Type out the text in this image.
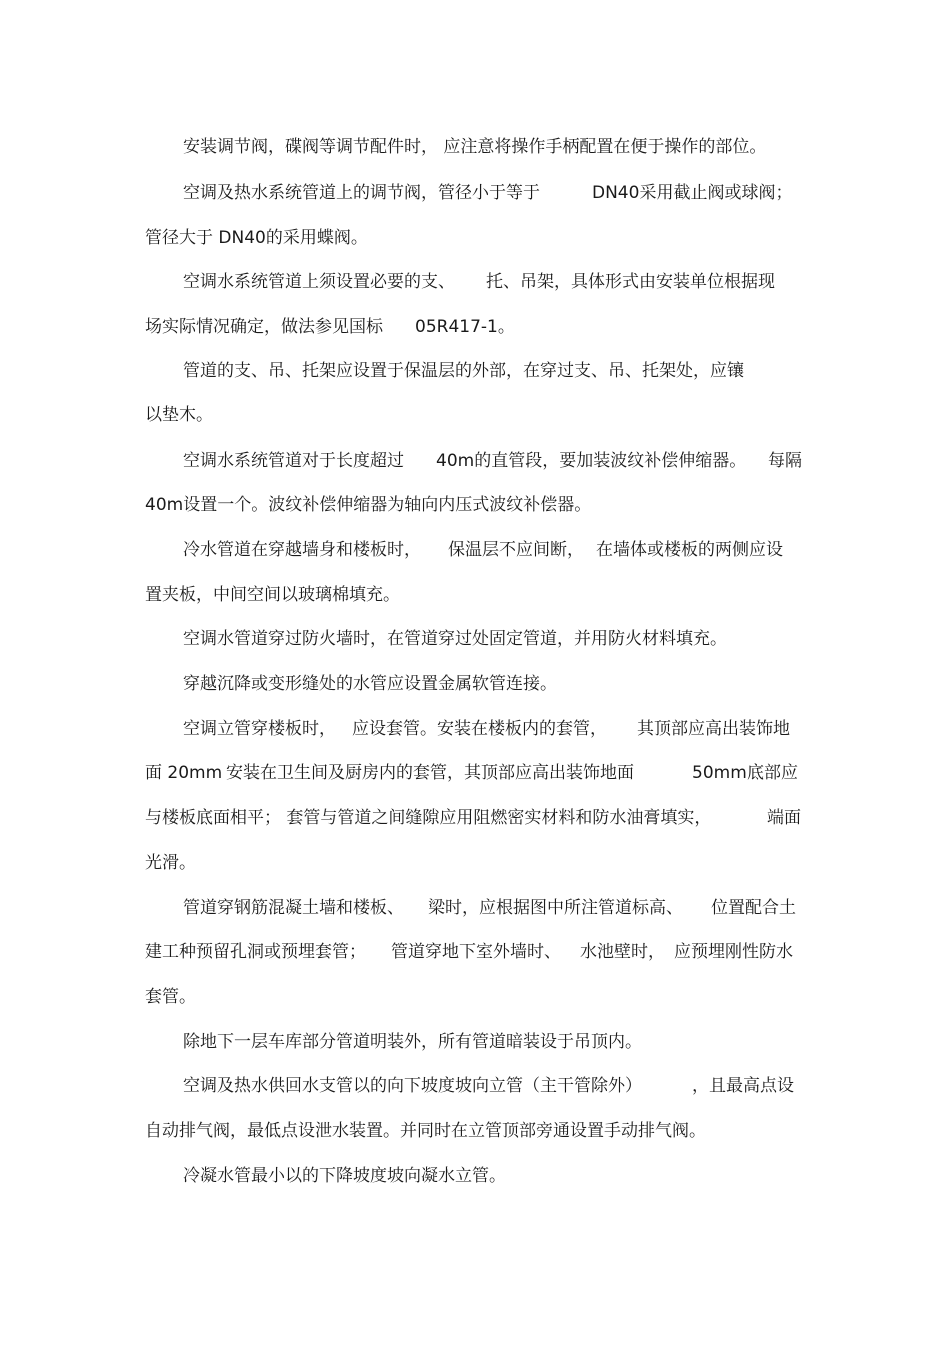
安装调节阀，碟阀等调节配件时， 应注意将操作手柄配置在便于操作的部位。
空调及热水系统管道上的调节阀，管径小于等于	DN40采用截止阀或球阀；
管径大于 DN40的采用蝶阀。
空调水系统管道上须设置必要的支、 托、吊架，具体形式由安装单位根据现
场实际情况确定，做法参见国标 05R417-1。
管道的支、吊、托架应设置于保温层的外部，在穿过支、吊、托架处，应镶
以垫木。
空调水系统管道对于长度超过 40m的直管段，要加装波纹补偿伸缩器。 每隔
40m设置一个。波纹补偿伸缩器为轴向内压式波纹补偿器。
冷水管道在穿越墙身和楼板时， 保温层不应间断， 在墙体或楼板的两侧应设
置夹板，中间空间以玻璃棉填充。
空调水管道穿过防火墙时，在管道穿过处固定管道，并用防火材料填充。
穿越沉降或变形缝处的水管应设置金属软管连接。
空调立管穿楼板时， 应设套管。安装在楼板内的套管， 其顶部应高出装饰地
面 20mm 安装在卫生间及厨房内的套管，其顶部应高出装饰地面	50mm 底部应
与楼板底面相平； 套管与管道之间缝隙应用阻燃密实材料和防水油膏填实，	端面
光滑。
管道穿钢筋混凝土墙和楼板、 梁时，应根据图中所注管道标高、 位置配合土
建工种预留孔洞或预埋套管； 管道穿地下室外墙时、 水池壁时， 应预埋刚性防水
套管。
除地下一层车库部分管道明装外，所有管道暗装设于吊顶内。
空调及热水供回水支管以的向下坡度坡向立管（主干管除外）	，且最高点设
自动排气阀，最低点设泄水装置。并同时在立管顶部旁通设置手动排气阀。
冷凝水管最小以的下降坡度坡向凝水立管。
